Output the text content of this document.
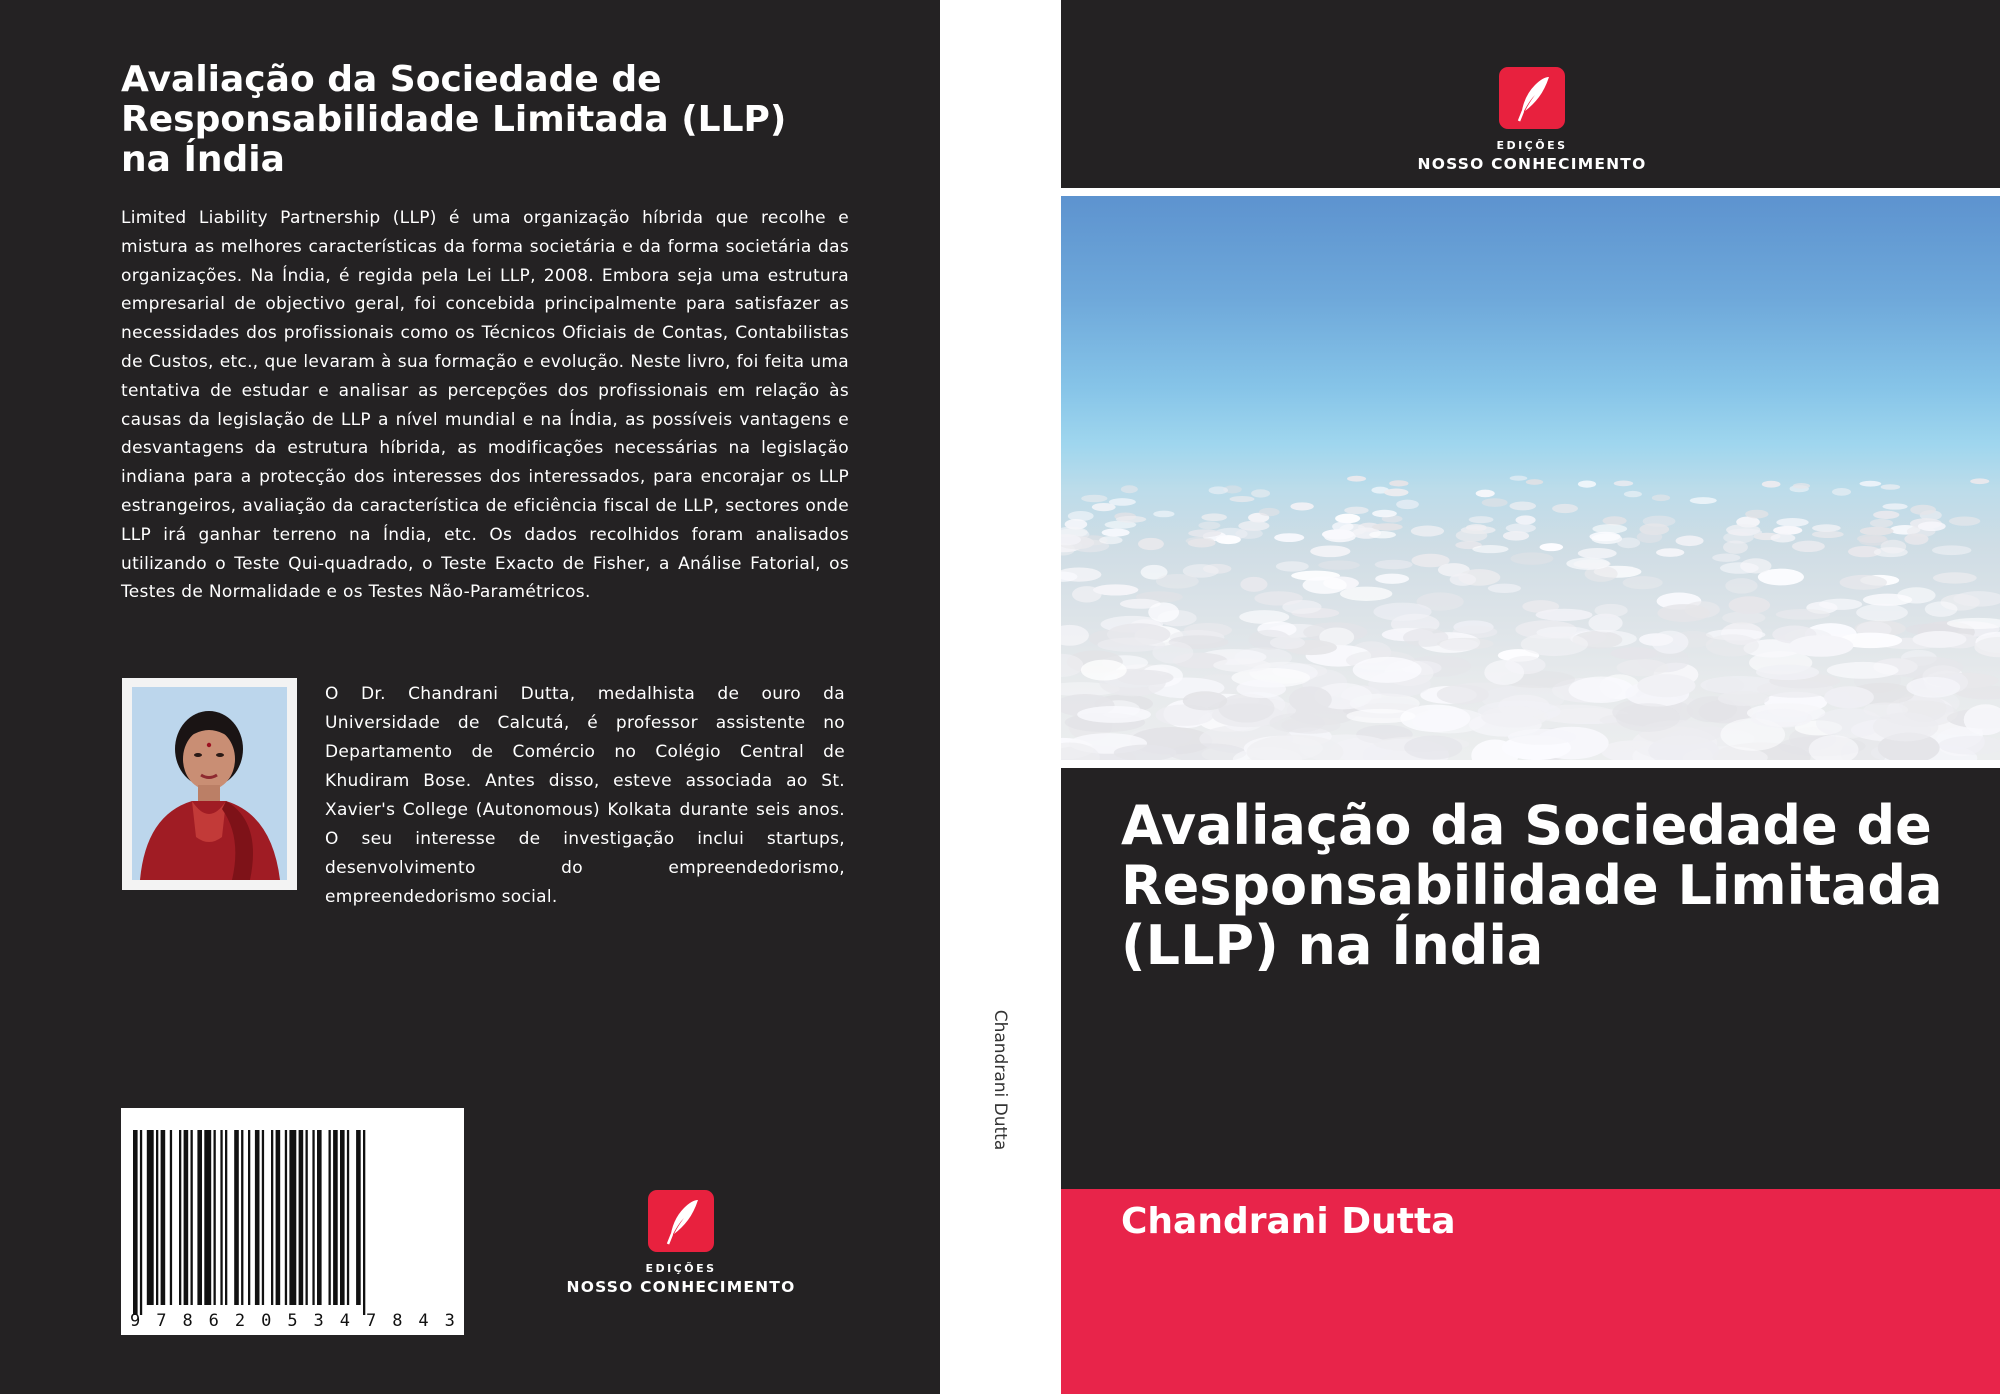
Avaliação da Sociedade de Responsabilidade Limitada (LLP) na Índia

Limited Liability Partnership (LLP) é uma organização híbrida que recolhe e mistura as melhores características da forma societária e da forma societária das organizações. Na Índia, é regida pela Lei LLP, 2008. Embora seja uma estrutura empresarial de objectivo geral, foi concebida principalmente para satisfazer as necessidades dos profissionais como os Técnicos Oficiais de Contas, Contabilistas de Custos, etc., que levaram à sua formação e evolução. Neste livro, foi feita uma tentativa de estudar e analisar as percepções dos profissionais em relação às causas da legislação de LLP a nível mundial e na Índia, as possíveis vantagens e desvantagens da estrutura híbrida, as modificações necessárias na legislação indiana para a protecção dos interesses dos interessados, para encorajar os LLP estrangeiros, avaliação da característica de eficiência fiscal de LLP, sectores onde LLP irá ganhar terreno na Índia, etc. Os dados recolhidos foram analisados utilizando o Teste Qui-quadrado, o Teste Exacto de Fisher, a Análise Fatorial, os Testes de Normalidade e os Testes Não-Paramétricos.

O Dr. Chandrani Dutta, medalhista de ouro da Universidade de Calcutá, é professor assistente no Departamento de Comércio no Colégio Central de Khudiram Bose. Antes disso, esteve associada ao St. Xavier's College (Autonomous) Kolkata durante seis anos. O seu interesse de investigação inclui startups, desenvolvimento do empreendedorismo, empreendedorismo social.

9 7 8 6 2 0 5 3 4 7 8 4 3
EDIÇÕES
NOSSO CONHECIMENTO
Chandrani Dutta
EDIÇÕES
NOSSO CONHECIMENTO
Avaliação da Sociedade de Responsabilidade Limitada (LLP) na Índia

Chandrani Dutta
